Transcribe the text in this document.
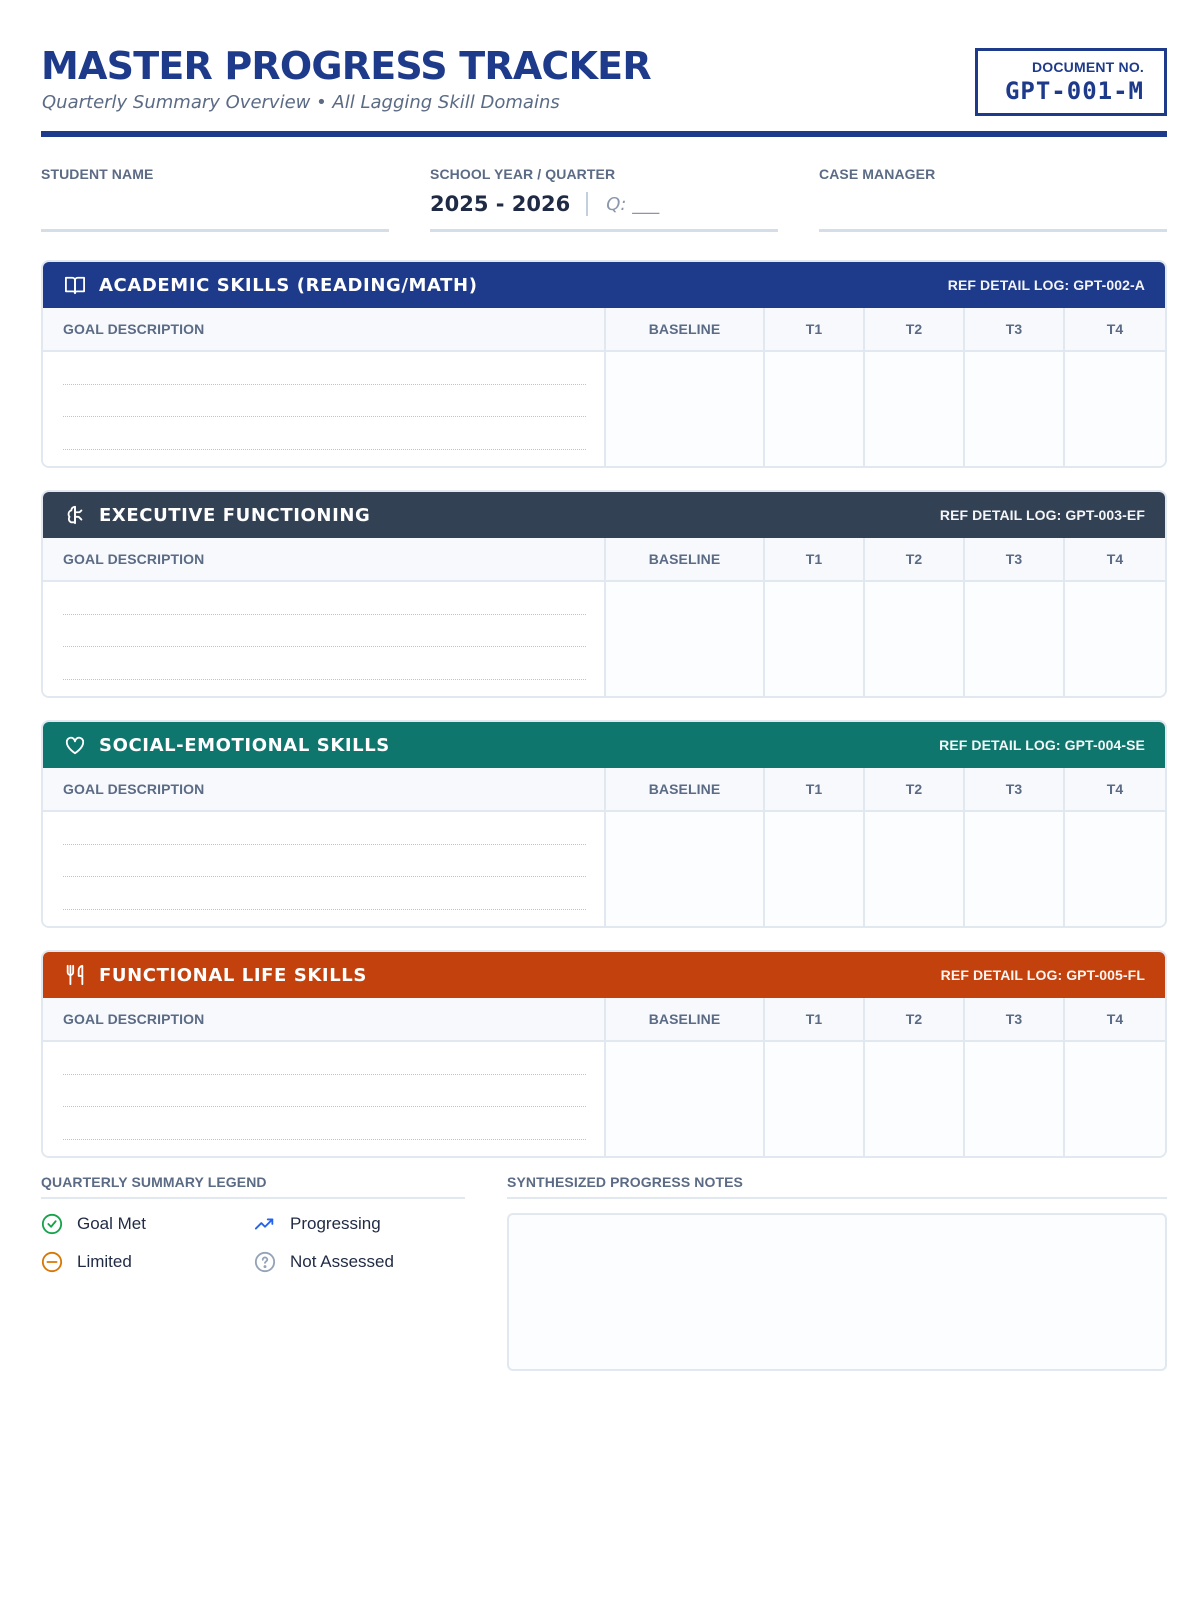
MASTER PROGRESS TRACKER
Quarterly Summary Overview • All Lagging Skill Domains
DOCUMENT NO.
GPT-001-M
STUDENT NAME	SCHOOL YEAR / QUARTER
2025 - 2026 Q: ___
CASE MANAGER
ACADEMIC SKILLS (READING/MATH)	REF DETAIL LOG: GPT-002-A
GOAL DESCRIPTION	BASELINE	T1	T2	T3	T4
EXECUTIVE FUNCTIONING	REF DETAIL LOG: GPT-003-EF
GOAL DESCRIPTION	BASELINE	T1	T2	T3	T4
SOCIAL-EMOTIONAL SKILLS	REF DETAIL LOG: GPT-004-SE
GOAL DESCRIPTION	BASELINE	T1	T2	T3	T4
FUNCTIONAL LIFE SKILLS	REF DETAIL LOG: GPT-005-FL
GOAL DESCRIPTION	BASELINE	T1	T2	T3	T4
QUARTERLY SUMMARY LEGEND
Goal Met	Progressing
Limited	Not Assessed
SYNTHESIZED PROGRESS NOTES
